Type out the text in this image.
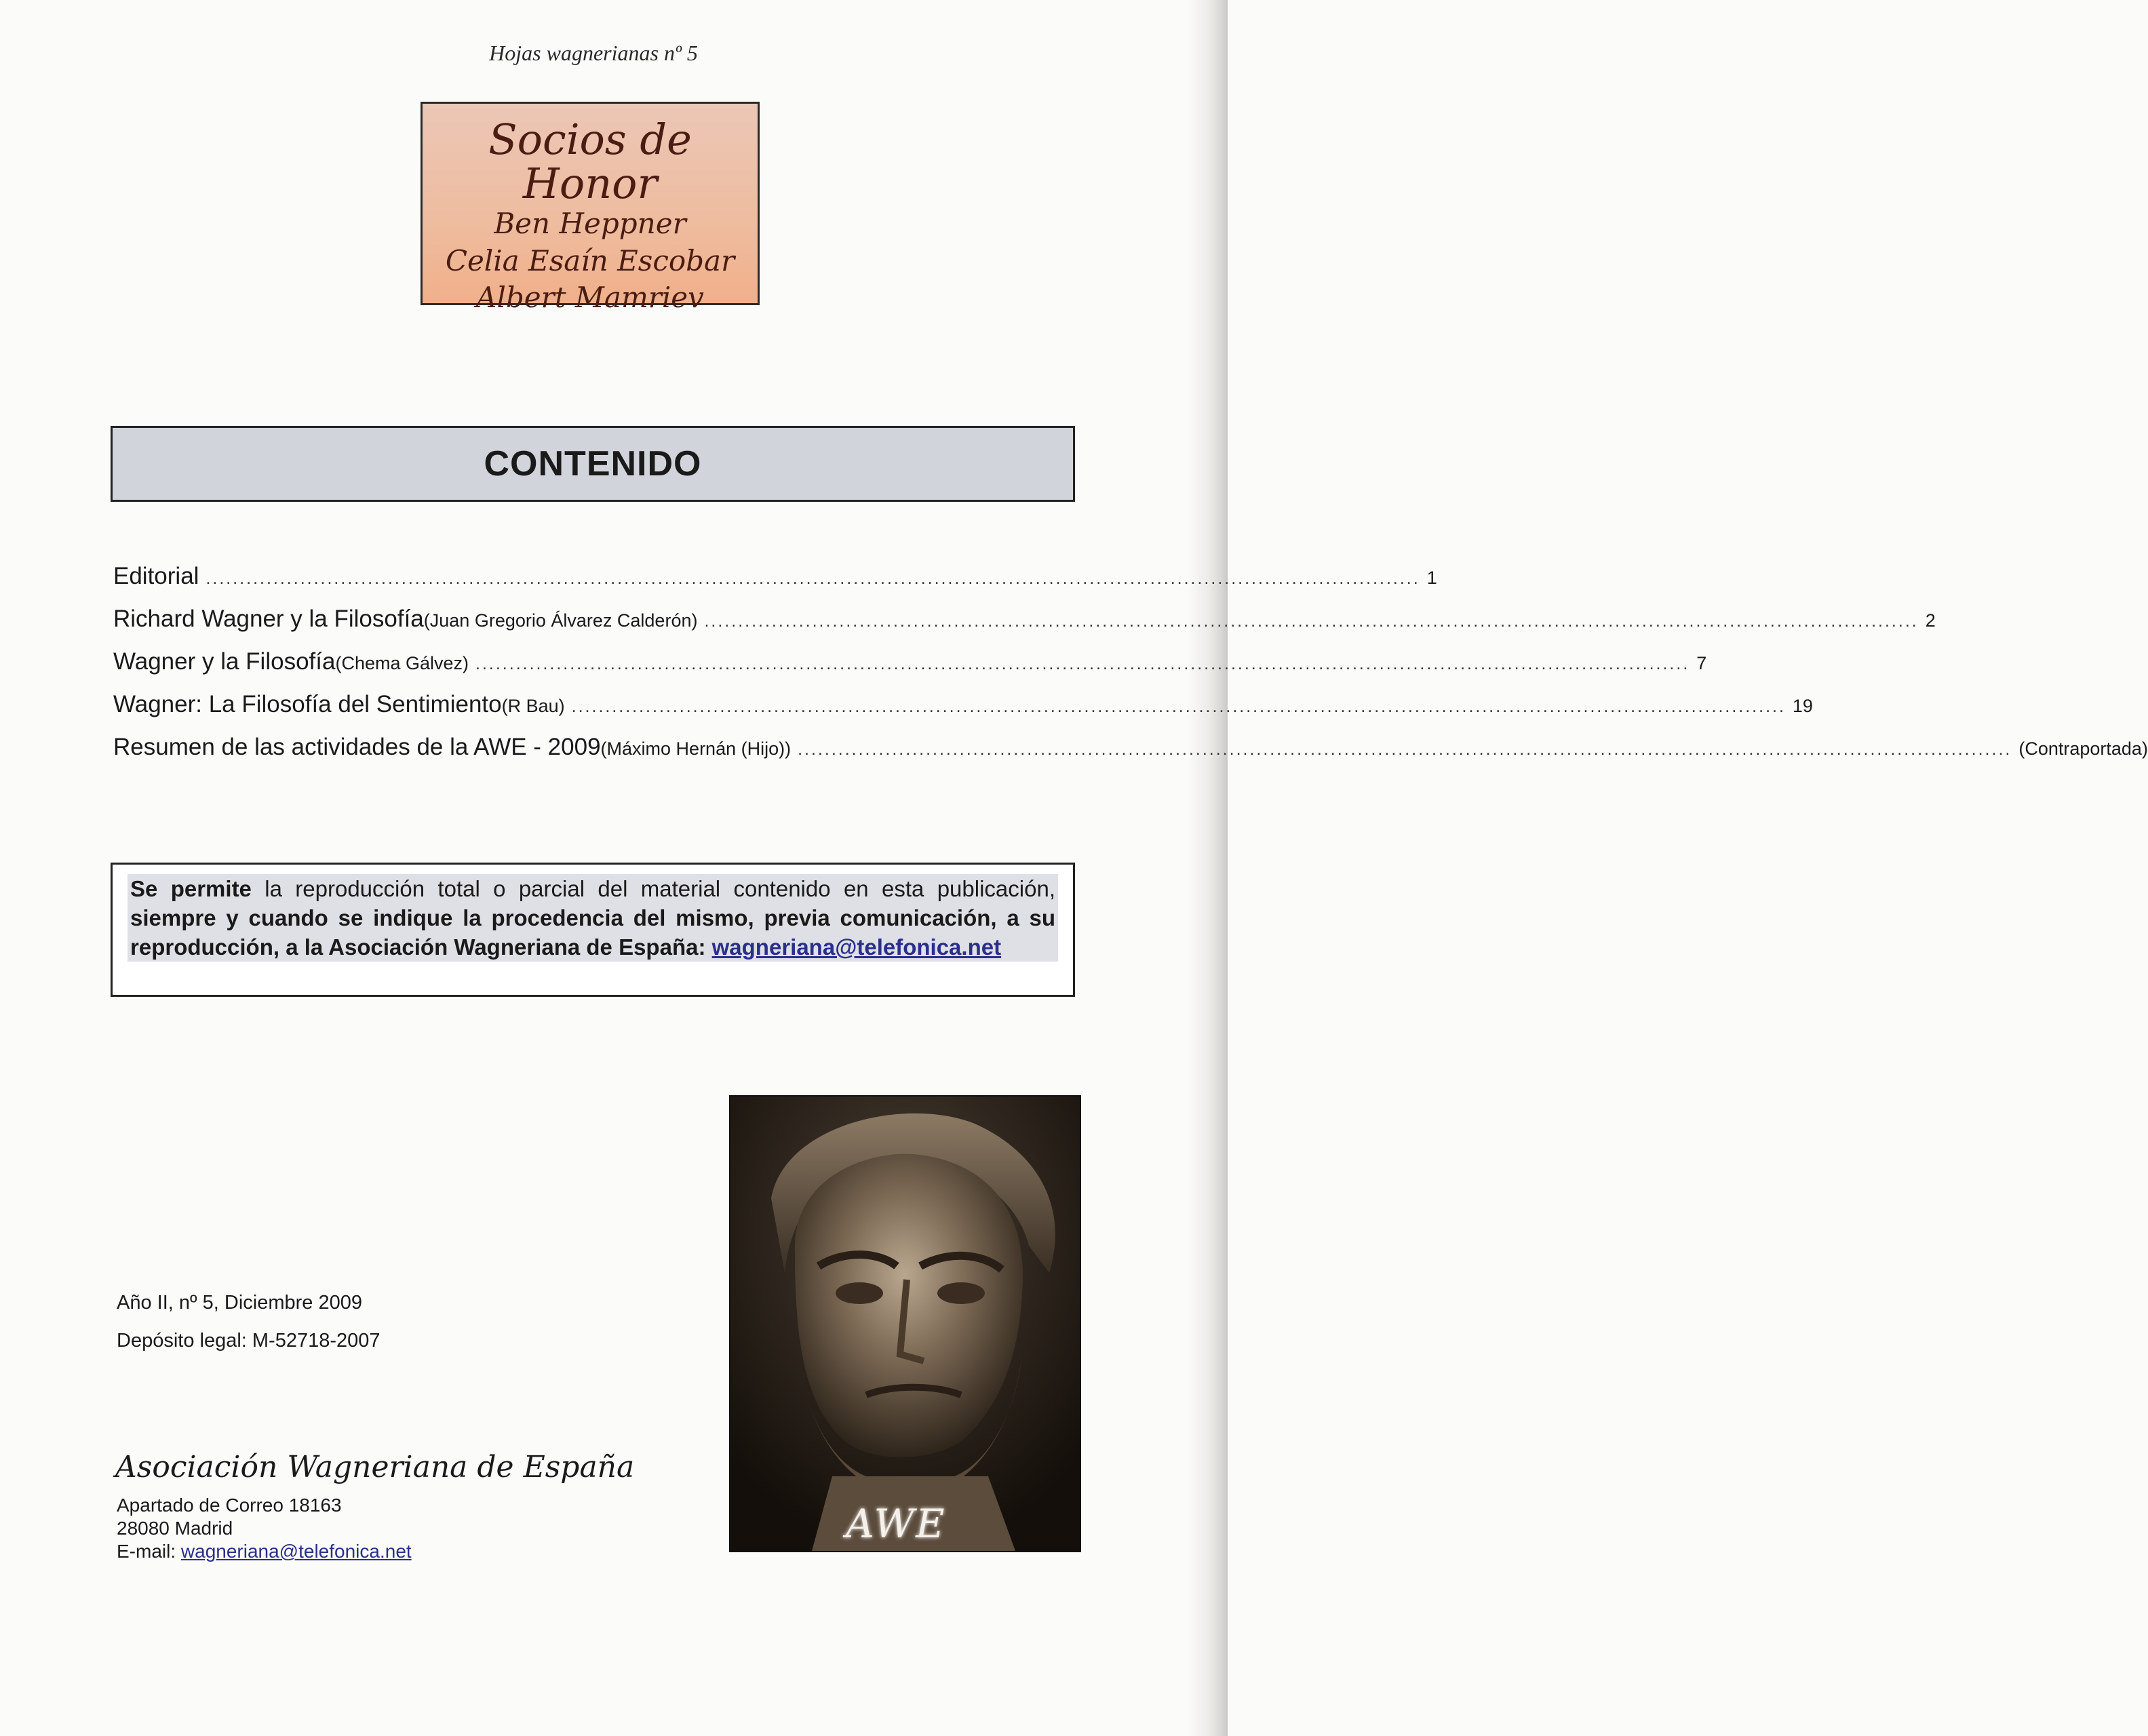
Hojas wagnerianas nº 5
Socios de Honor
Ben Heppner
Celia Esaín Escobar
Albert Mamriev
CONTENIDO
Editorial .................................................................................................................................................................................... 1
Richard Wagner y la Filosofía (Juan Gregorio Álvarez Calderón) .................................................................................................................................................................................... 2
Wagner y la Filosofía (Chema Gálvez) .................................................................................................................................................................................... 7
Wagner: La Filosofía del Sentimiento (R Bau) .................................................................................................................................................................................... 19
Resumen de las actividades de la AWE - 2009 (Máximo Hernán (Hijo)) .................................................................................................................................................................................... (Contraportada)
Se permite la reproducción total o parcial del material contenido en esta publicación, siempre y cuando se indique la procedencia del mismo, previa comunicación, a su reproducción, a la Asociación Wagneriana de España: wagneriana@telefonica.net
AWE
Año II, nº 5, Diciembre 2009
Depósito legal: M-52718-2007
Asociación Wagneriana de España
Apartado de Correo 18163
28080 Madrid
E-mail: wagneriana@telefonica.net
